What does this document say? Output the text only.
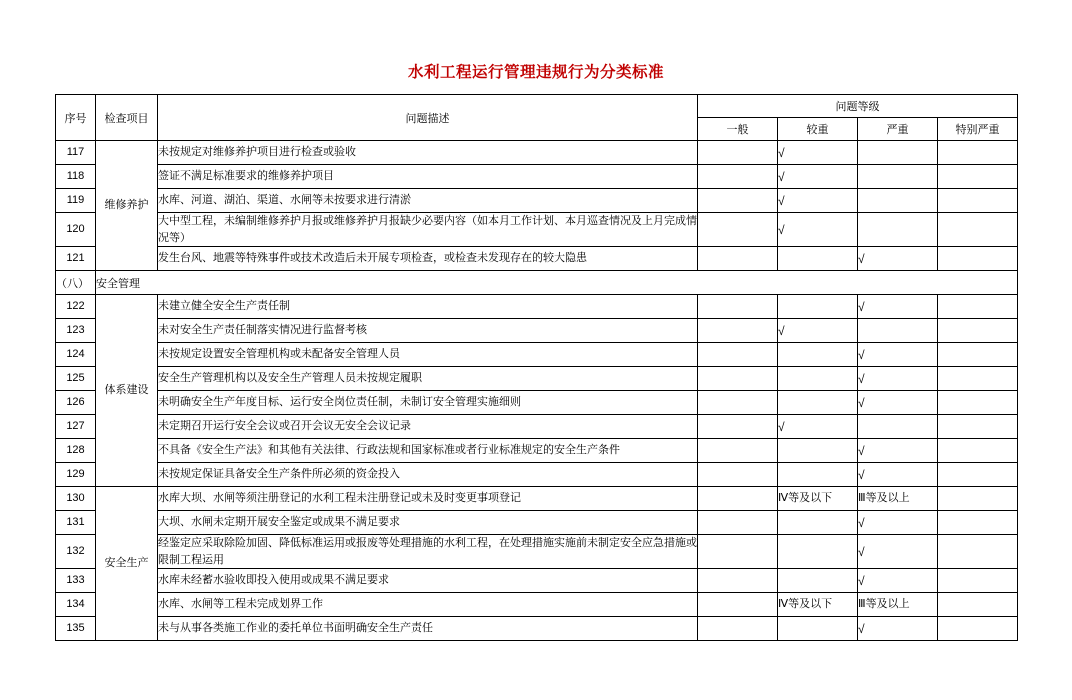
水利工程运行管理违规行为分类标准
序号	检查项目	问题描述	问题等级			
			一般	较重	严重	特别严重
117	维修养护	未按规定对维修养护项目进行检查或验收		√		
118		签证不满足标准要求的维修养护项目		√		
119		水库、河道、湖泊、渠道、水闸等未按要求进行清淤		√		
120		大中型工程，未编制维修养护月报或维修养护月报缺少必要内容（如本月工作计划、本月巡查情况及上月完成情况等）		√		
121		发生台风、地震等特殊事件或技术改造后未开展专项检查，或检查未发现存在的较大隐患			√	
（八）	安全管理					
122	体系建设	未建立健全安全生产责任制			√	
123		未对安全生产责任制落实情况进行监督考核		√		
124		未按规定设置安全管理机构或未配备安全管理人员			√	
125		安全生产管理机构以及安全生产管理人员未按规定履职			√	
126		未明确安全生产年度目标、运行安全岗位责任制，未制订安全管理实施细则			√	
127		未定期召开运行安全会议或召开会议无安全会议记录		√		
128		不具备《安全生产法》和其他有关法律、行政法规和国家标准或者行业标准规定的安全生产条件			√	
129		未按规定保证具备安全生产条件所必须的资金投入			√	
130	安全生产	水库大坝、水闸等须注册登记的水利工程未注册登记或未及时变更事项登记		Ⅳ等及以下	Ⅲ等及以上	
131		大坝、水闸未定期开展安全鉴定或成果不满足要求			√	
132		经鉴定应采取除险加固、降低标准运用或报废等处理措施的水利工程，在处理措施实施前未制定安全应急措施或限制工程运用			√	
133		水库未经蓄水验收即投入使用或成果不满足要求			√	
134		水库、水闸等工程未完成划界工作		Ⅳ等及以下	Ⅲ等及以上	
135		未与从事各类施工作业的委托单位书面明确安全生产责任			√	
